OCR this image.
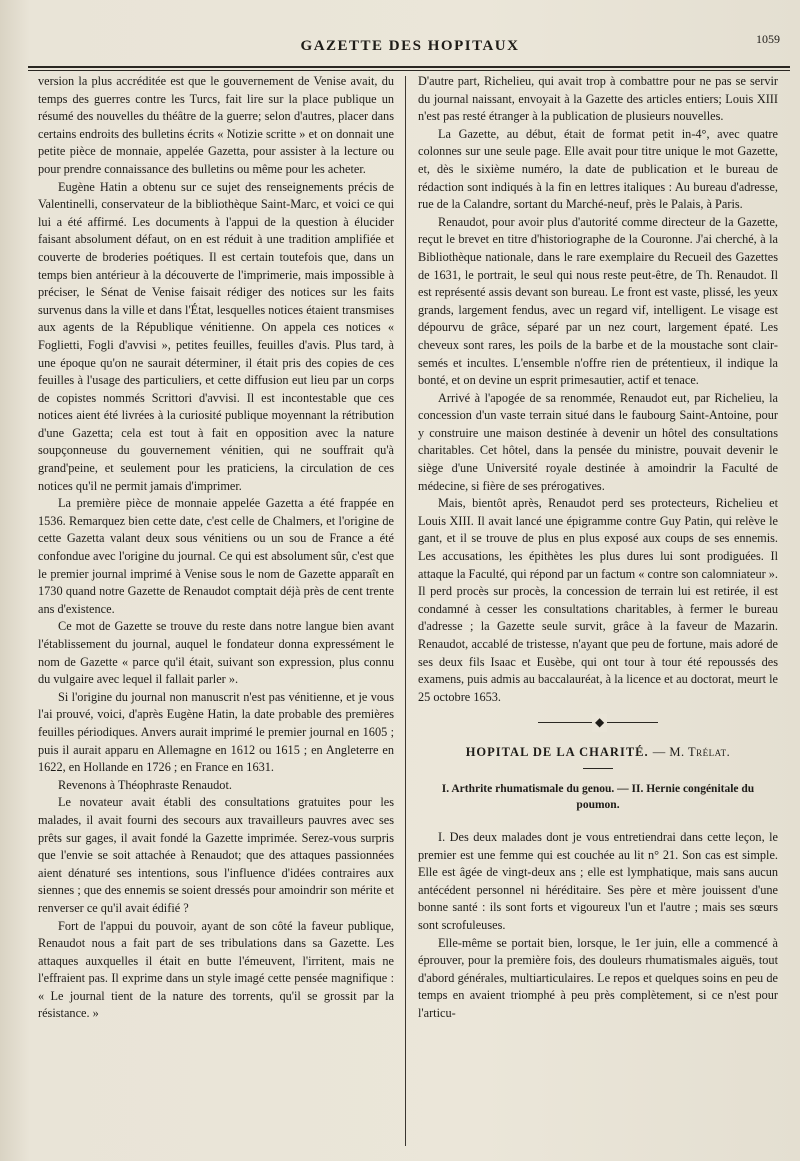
GAZETTE DES HOPITAUX	1059

version la plus accréditée est que le gouvernement de Venise avait, du temps des guerres contre les Turcs, fait lire sur la place publique un résumé des nouvelles du théâtre de la guerre; selon d'autres, placer dans certains endroits des bulletins écrits « Notizie scritte » et on donnait une petite pièce de monnaie, appelée Gazetta, pour assister à la lecture ou pour prendre connaissance des bulletins ou même pour les acheter.

Eugène Hatin a obtenu sur ce sujet des renseignements précis de Valentinelli, conservateur de la bibliothèque Saint-Marc, et voici ce qui lui a été affirmé. Les documents à l'appui de la question à élucider faisant absolument défaut, on en est réduit à une tradition amplifiée et couverte de broderies poétiques. Il est certain toutefois que, dans un temps bien antérieur à la découverte de l'imprimerie, mais impossible à préciser, le Sénat de Venise faisait rédiger des notices sur les faits survenus dans la ville et dans l'État, lesquelles notices étaient transmises aux agents de la République vénitienne. On appela ces notices « Foglietti, Fogli d'avvisi », petites feuilles, feuilles d'avis. Plus tard, à une époque qu'on ne saurait déterminer, il était pris des copies de ces feuilles à l'usage des particuliers, et cette diffusion eut lieu par un corps de copistes nommés Scrittori d'avvisi. Il est incontestable que ces notices aient été livrées à la curiosité publique moyennant la rétribution d'une Gazetta; cela est tout à fait en opposition avec la nature soupçonneuse du gouvernement vénitien, qui ne souffrait qu'à grand'peine, et seulement pour les praticiens, la circulation de ces notices qu'il ne permit jamais d'imprimer.

La première pièce de monnaie appelée Gazetta a été frappée en 1536. Remarquez bien cette date, c'est celle de Chalmers, et l'origine de cette Gazetta valant deux sous vénitiens ou un sou de France a été confondue avec l'origine du journal. Ce qui est absolument sûr, c'est que le premier journal imprimé à Venise sous le nom de Gazette apparaît en 1730 quand notre Gazette de Renaudot comptait déjà près de cent trente ans d'existence.

Ce mot de Gazette se trouve du reste dans notre langue bien avant l'établissement du journal, auquel le fondateur donna expressément le nom de Gazette « parce qu'il était, suivant son expression, plus connu du vulgaire avec lequel il fallait parler ».

Si l'origine du journal non manuscrit n'est pas vénitienne, et je vous l'ai prouvé, voici, d'après Eugène Hatin, la date probable des premières feuilles périodiques. Anvers aurait imprimé le premier journal en 1605 ; puis il aurait apparu en Allemagne en 1612 ou 1615 ; en Angleterre en 1622, en Hollande en 1726 ; en France en 1631.

Revenons à Théophraste Renaudot.

Le novateur avait établi des consultations gratuites pour les malades, il avait fourni des secours aux travailleurs pauvres avec ses prêts sur gages, il avait fondé la Gazette imprimée. Serez-vous surpris que l'envie se soit attachée à Renaudot; que des attaques passionnées aient dénaturé ses intentions, sous l'influence d'idées contraires aux siennes ; que des ennemis se soient dressés pour amoindrir son mérite et renverser ce qu'il avait édifié ?

Fort de l'appui du pouvoir, ayant de son côté la faveur publique, Renaudot nous a fait part de ses tribulations dans sa Gazette. Les attaques auxquelles il était en butte l'émeuvent, l'irritent, mais ne l'effraient pas. Il exprime dans un style imagé cette pensée magnifique : « Le journal tient de la nature des torrents, qu'il se grossit par la résistance. »

D'autre part, Richelieu, qui avait trop à combattre pour ne pas se servir du journal naissant, envoyait à la Gazette des articles entiers; Louis XIII n'est pas resté étranger à la publication de plusieurs nouvelles.

La Gazette, au début, était de format petit in-4°, avec quatre colonnes sur une seule page. Elle avait pour titre unique le mot Gazette, et, dès le sixième numéro, la date de publication et le bureau de rédaction sont indiqués à la fin en lettres italiques : Au bureau d'adresse, rue de la Calandre, sortant du Marché-neuf, près le Palais, à Paris.

Renaudot, pour avoir plus d'autorité comme directeur de la Gazette, reçut le brevet en titre d'historiographe de la Couronne. J'ai cherché, à la Bibliothèque nationale, dans le rare exemplaire du Recueil des Gazettes de 1631, le portrait, le seul qui nous reste peut-être, de Th. Renaudot. Il est représenté assis devant son bureau. Le front est vaste, plissé, les yeux grands, largement fendus, avec un regard vif, intelligent. Le visage est dépourvu de grâce, séparé par un nez court, largement épaté. Les cheveux sont rares, les poils de la barbe et de la moustache sont clair-semés et incultes. L'ensemble n'offre rien de prétentieux, il indique la bonté, et on devine un esprit primesautier, actif et tenace.

Arrivé à l'apogée de sa renommée, Renaudot eut, par Richelieu, la concession d'un vaste terrain situé dans le faubourg Saint-Antoine, pour y construire une maison destinée à devenir un hôtel des consultations charitables. Cet hôtel, dans la pensée du ministre, pouvait devenir le siège d'une Université royale destinée à amoindrir la Faculté de médecine, si fière de ses prérogatives.

Mais, bientôt après, Renaudot perd ses protecteurs, Richelieu et Louis XIII. Il avait lancé une épigramme contre Guy Patin, qui relève le gant, et il se trouve de plus en plus exposé aux coups de ses ennemis. Les accusations, les épithètes les plus dures lui sont prodiguées. Il attaque la Faculté, qui répond par un factum « contre son calomniateur ». Il perd procès sur procès, la concession de terrain lui est retirée, il est condamné à cesser les consultations charitables, à fermer le bureau d'adresse ; la Gazette seule survit, grâce à la faveur de Mazarin. Renaudot, accablé de tristesse, n'ayant que peu de fortune, mais adoré de ses deux fils Isaac et Eusèbe, qui ont tour à tour été repoussés des examens, puis admis au baccalauréat, à la licence et au doctorat, meurt le 25 octobre 1653.

◆
HOPITAL DE LA CHARITÉ. — M. Trélat.
I. Arthrite rhumatismale du genou. — II. Hernie congénitale du poumon.

I. Des deux malades dont je vous entretiendrai dans cette leçon, le premier est une femme qui est couchée au lit n° 21. Son cas est simple. Elle est âgée de vingt-deux ans ; elle est lymphatique, mais sans aucun antécédent personnel ni héréditaire. Ses père et mère jouissent d'une bonne santé : ils sont forts et vigoureux l'un et l'autre ; mais ses sœurs sont scrofuleuses.

Elle-même se portait bien, lorsque, le 1er juin, elle a commencé à éprouver, pour la première fois, des douleurs rhumatismales aiguës, tout d'abord générales, multiarticulaires. Le repos et quelques soins en peu de temps en avaient triomphé à peu près complètement, si ce n'est pour l'articu-
